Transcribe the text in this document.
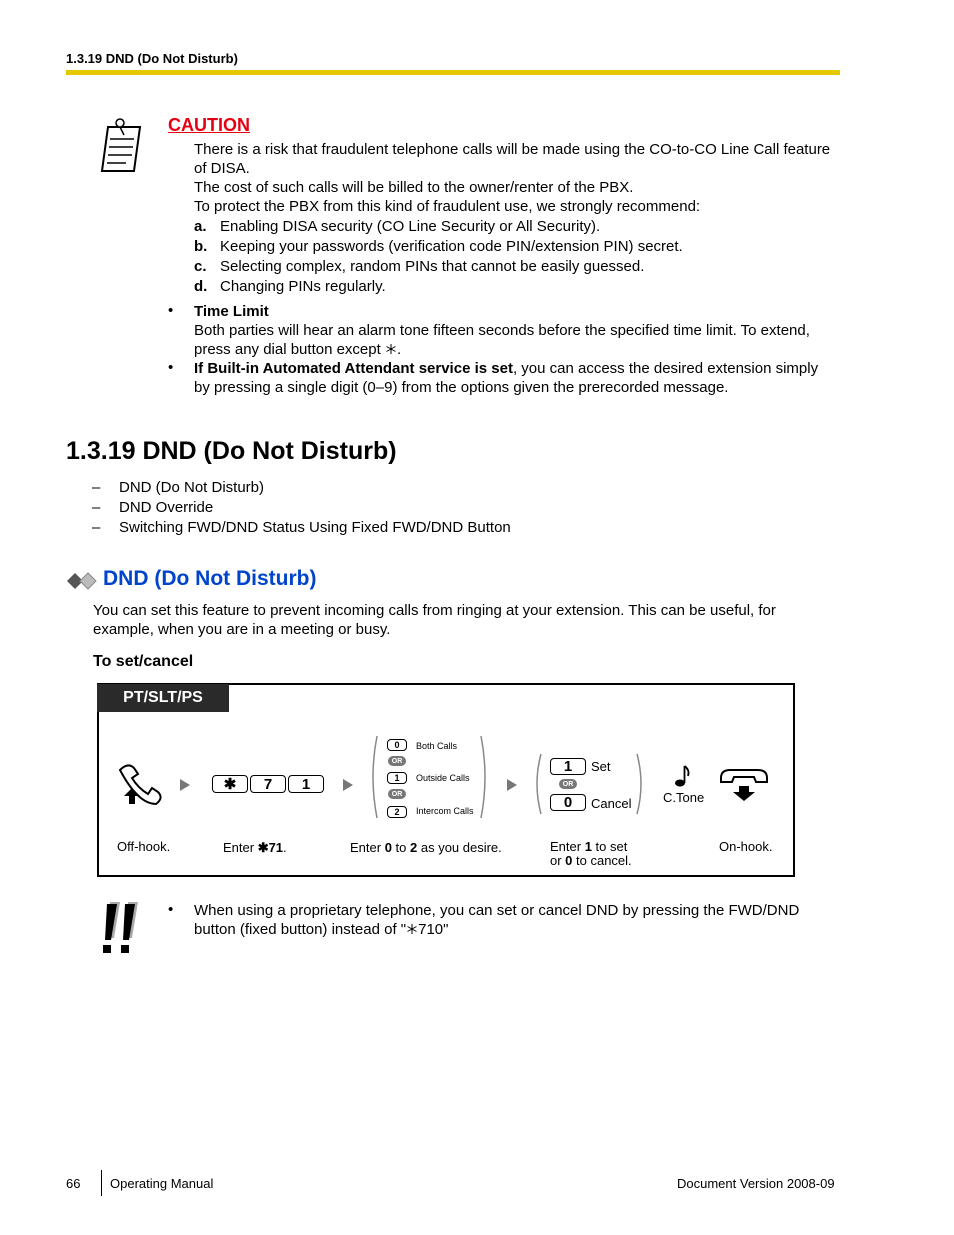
1.3.19 DND (Do Not Disturb)
CAUTION
There is a risk that fraudulent telephone calls will be made using the CO-to-CO Line Call feature of DISA.
The cost of such calls will be billed to the owner/renter of the PBX.
To protect the PBX from this kind of fraudulent use, we strongly recommend:
a. Enabling DISA security (CO Line Security or All Security).
b. Keeping your passwords (verification code PIN/extension PIN) secret.
c. Selecting complex, random PINs that cannot be easily guessed.
d. Changing PINs regularly.
• Time Limit
Both parties will hear an alarm tone fifteen seconds before the specified time limit. To extend,
press any dial button except .
• If Built-in Automated Attendant service is set, you can access the desired extension simply
by pressing a single digit (0–9) from the options given the prerecorded message.
1.3.19 DND (Do Not Disturb)
– DND (Do Not Disturb)
– DND Override
– Switching FWD/DND Status Using Fixed FWD/DND Button
DND (Do Not Disturb)
You can set this feature to prevent incoming calls from ringing at your extension. This can be useful, for
example, when you are in a meeting or busy.
To set/cancel
PT/SLT/PS
✱	7	1
0	Both Calls
OR
1	Outside Calls
OR
2	Intercom Calls
1	Set
OR
0	Cancel C.Tone
Off-hook.	Enter ✱71.	Enter 0 to 2 as you desire.	Enter 1 to set
or 0 to cancel.
On-hook.
• When using a proprietary telephone, you can set or cancel DND by pressing the FWD/DND
button (fixed button) instead of " 710"
66 Operating Manual	Document Version 2008-09
